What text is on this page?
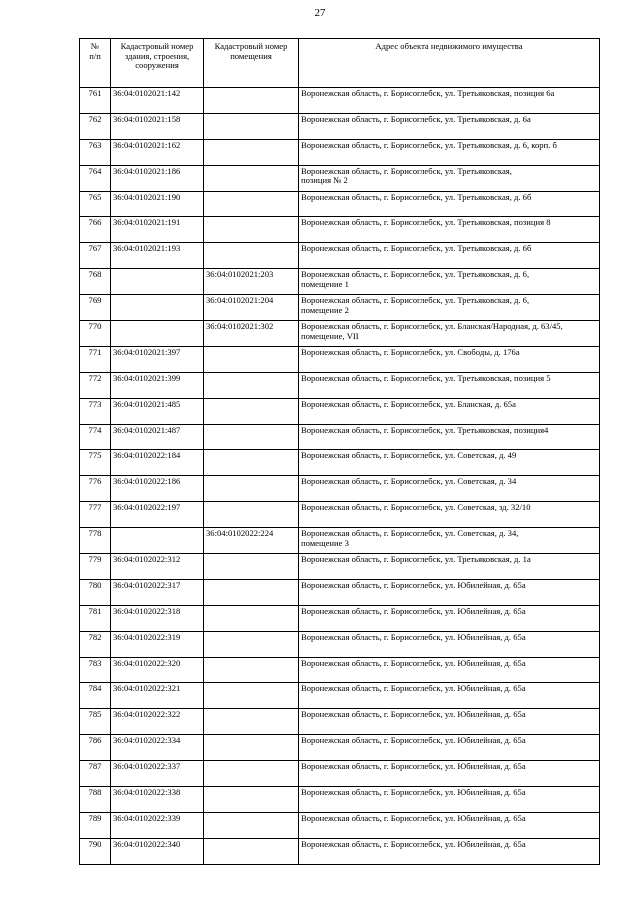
27
№
п/п	Кадастровый номер здания, строения, сооружения	Кадастровый номер помещения	Адрес объекта недвижимого имущества
761	36:04:0102021:142		Воронежская область, г. Борисоглебск, ул. Третьяковская, позиция 6а
762	36:04:0102021:158		Воронежская область, г. Борисоглебск, ул. Третьяковская, д. 6а
763	36:04:0102021:162		Воронежская область, г. Борисоглебск, ул. Третьяковская, д. 6, корп. б
764	36:04:0102021:186		Воронежская область, г. Борисоглебск, ул. Третьяковская,
позиция № 2
765	36:04:0102021:190		Воронежская область, г. Борисоглебск, ул. Третьяковская, д. 6б
766	36:04:0102021:191		Воронежская область, г. Борисоглебск, ул. Третьяковская, позиция 8
767	36:04:0102021:193		Воронежская область, г. Борисоглебск, ул. Третьяковская, д. 6б
768		36:04:0102021:203	Воронежская область, г. Борисоглебск, ул. Третьяковская, д. 6,
помещение 1
769		36:04:0102021:204	Воронежская область, г. Борисоглебск, ул. Третьяковская, д. 6,
помещение 2
770		36:04:0102021:302	Воронежская область, г. Борисоглебск, ул. Бланская/Народная, д. 63/45,
помещение, VII
771	36:04:0102021:397		Воронежская область, г. Борисоглебск, ул. Свободы, д. 176а
772	36:04:0102021:399		Воронежская область, г. Борисоглебск, ул. Третьяковская, позиция 5
773	36:04:0102021:485		Воронежская область, г. Борисоглебск, ул. Бланская, д. 65а
774	36:04:0102021:487		Воронежская область, г. Борисоглебск, ул. Третьяковская, позиция4
775	36:04:0102022:184		Воронежская область, г. Борисоглебск, ул. Советская, д. 49
776	36:04:0102022:186		Воронежская область, г. Борисоглебск, ул. Советская, д. 34
777	36:04:0102022:197		Воронежская область, г. Борисоглебск, ул. Советская, зд. 32/10
778		36:04:0102022:224	Воронежская область, г. Борисоглебск, ул. Советская, д. 34,
помещение 3
779	36:04:0102022:312		Воронежская область, г. Борисоглебск, ул. Третьяковская, д. 1а
780	36:04:0102022:317		Воронежская область, г. Борисоглебск, ул. Юбилейная, д. 65а
781	36:04:0102022:318		Воронежская область, г. Борисоглебск, ул. Юбилейная, д. 65а
782	36:04:0102022:319		Воронежская область, г. Борисоглебск, ул. Юбилейная, д. 65а
783	36:04:0102022:320		Воронежская область, г. Борисоглебск, ул. Юбилейная, д. 65а
784	36:04:0102022:321		Воронежская область, г. Борисоглебск, ул. Юбилейная, д. 65а
785	36:04:0102022:322		Воронежская область, г. Борисоглебск, ул. Юбилейная, д. 65а
786	36:04:0102022:334		Воронежская область, г. Борисоглебск, ул. Юбилейная, д. 65а
787	36:04:0102022:337		Воронежская область, г. Борисоглебск, ул. Юбилейная, д. 65а
788	36:04:0102022:338		Воронежская область, г. Борисоглебск, ул. Юбилейная, д. 65а
789	36:04:0102022:339		Воронежская область, г. Борисоглебск, ул. Юбилейная, д. 65а
790	36:04:0102022:340		Воронежская область, г. Борисоглебск, ул. Юбилейная, д. 65а
